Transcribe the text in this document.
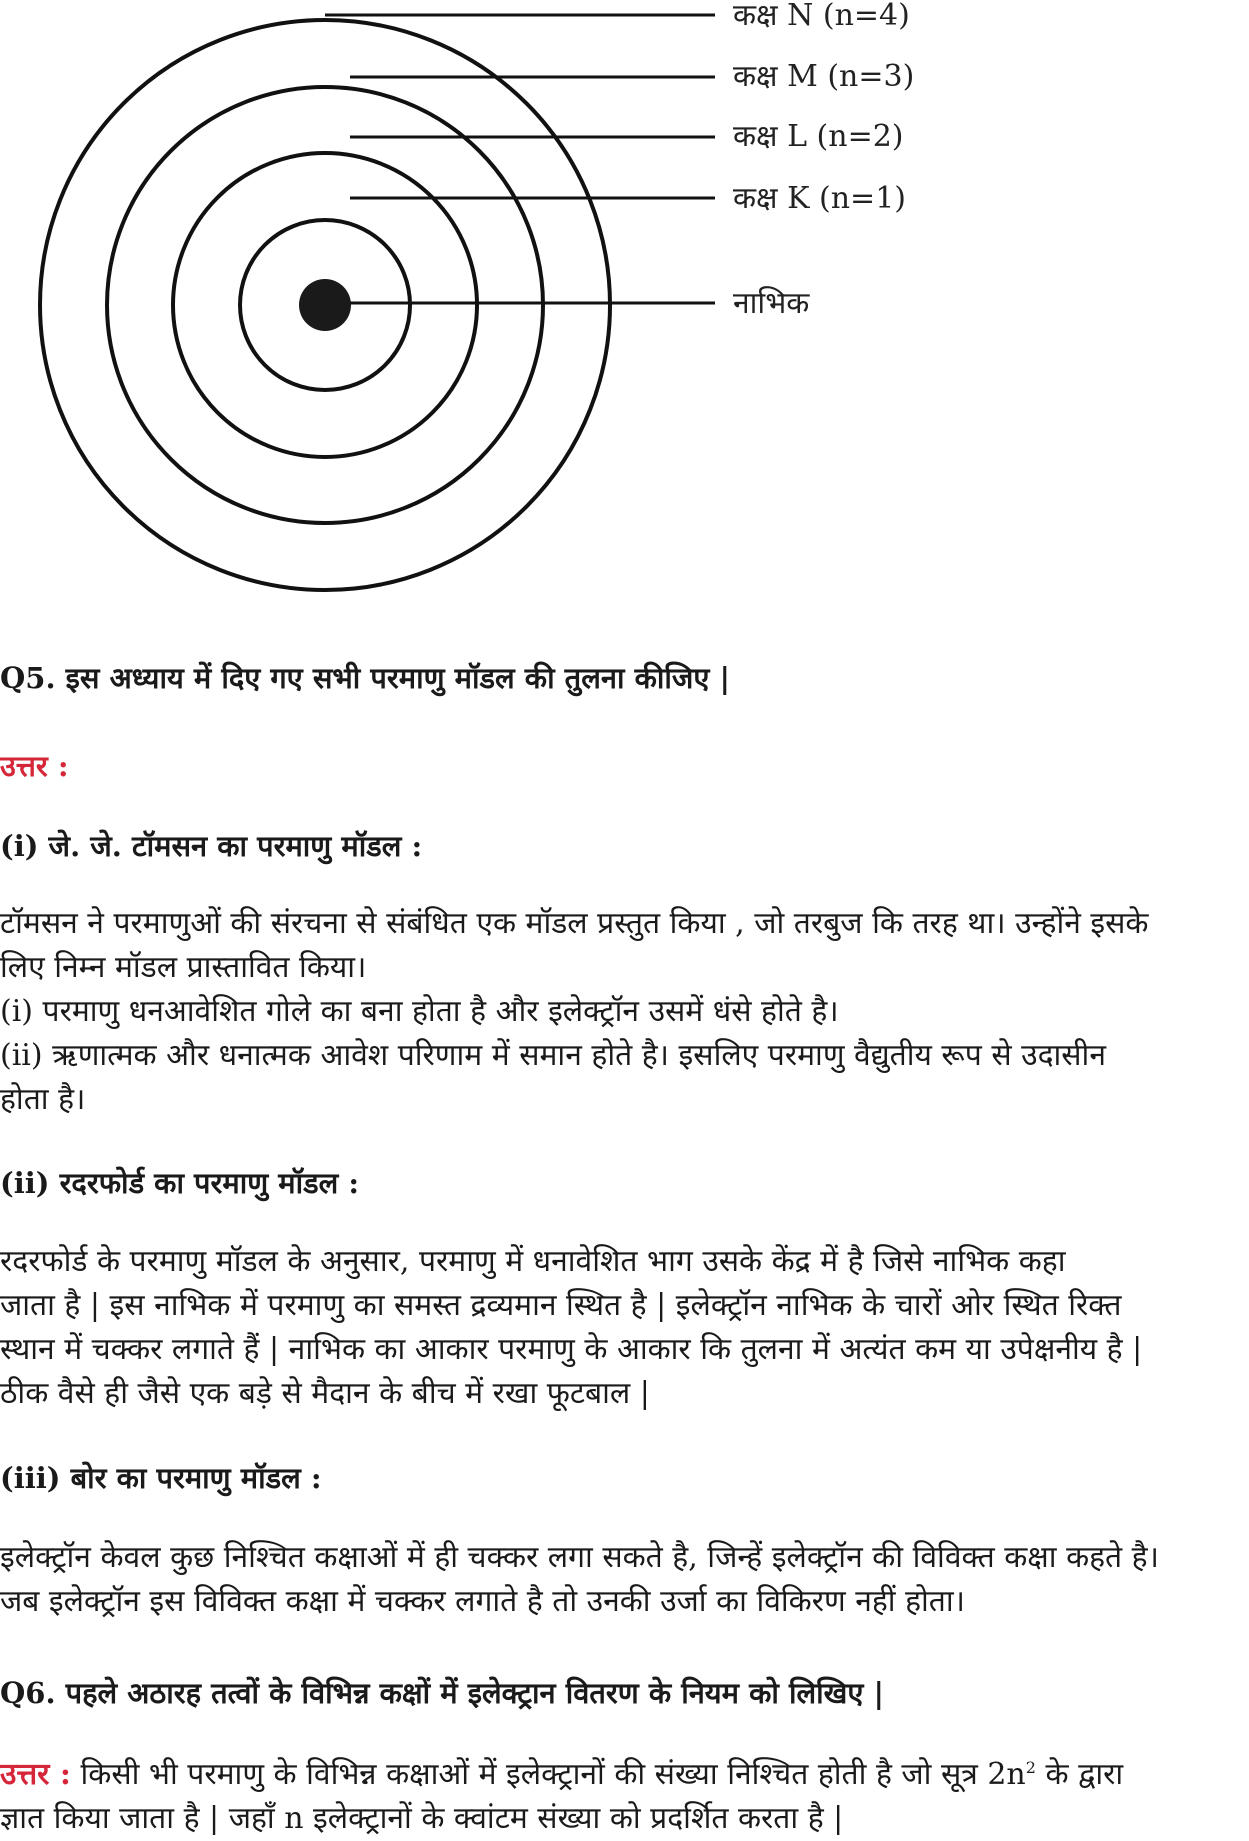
कक्ष N (n=4)
कक्ष M (n=3)
कक्ष L (n=2)
कक्ष K (n=1)
नाभिक
Q5. इस अध्याय में दिए गए सभी परमाणु मॉडल की तुलना कीजिए |
उत्तर :
(i) जे. जे. टॉमसन का परमाणु मॉडल :
टॉमसन ने परमाणुओं की संरचना से संबंधित एक मॉडल प्रस्तुत किया , जो तरबुज कि तरह था। उन्होंने इसके
लिए निम्न मॉडल प्रास्तावित किया।
(i) परमाणु धनआवेशित गोले का बना होता है और इलेक्ट्रॉन उसमें धंसे होते है।
(ii) ऋणात्मक और धनात्मक आवेश परिणाम में समान होते है। इसलिए परमाणु वैद्युतीय रूप से उदासीन
होता है।
(ii) रदरफोर्ड का परमाणु मॉडल :
रदरफोर्ड के परमाणु मॉडल के अनुसार, परमाणु में धनावेशित भाग उसके केंद्र में है जिसे नाभिक कहा
जाता है | इस नाभिक में परमाणु का समस्त द्रव्यमान स्थित है | इलेक्ट्रॉन नाभिक के चारों ओर स्थित रिक्त
स्थान में चक्कर लगाते हैं | नाभिक का आकार परमाणु के आकार कि तुलना में अत्यंत कम या उपेक्षनीय है |
ठीक वैसे ही जैसे एक बड़े से मैदान के बीच में रखा फूटबाल |
(iii) बोर का परमाणु मॉडल :
इलेक्ट्रॉन केवल कुछ निश्चित कक्षाओं में ही चक्कर लगा सकते है, जिन्हें इलेक्ट्रॉन की विविक्त कक्षा कहते है।
जब इलेक्ट्रॉन इस विविक्त कक्षा में चक्कर लगाते है तो उनकी उर्जा का विकिरण नहीं होता।
Q6. पहले अठारह तत्वों के विभिन्न कक्षों में इलेक्ट्रान वितरण के नियम को लिखिए |
उत्तर : किसी भी परमाणु के विभिन्न कक्षाओं में इलेक्ट्रानों की संख्या निश्चित होती है जो सूत्र $2n^2$ के द्वारा
ज्ञात किया जाता है | जहाँ n इलेक्ट्रानों के क्वांटम संख्या को प्रदर्शित करता है |
